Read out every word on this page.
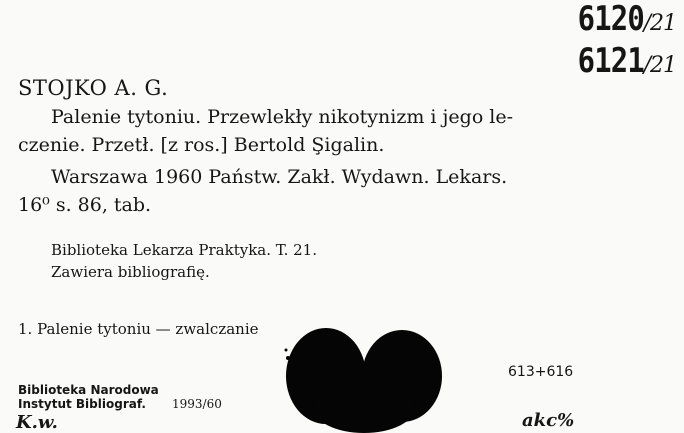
6120/21
6121/21
STOJKO A. G.
Palenie tytoniu. Przewlekły nikotynizm i jego le-
czenie. Przetł. [z ros.] Bertold Şigalin.
Warszawa 1960 Państw. Zakł. Wydawn. Lekars.
16⁰ s. 86, tab.
Biblioteka Lekarza Praktyka. T. 21.
Zawiera bibliografię.
1. Palenie tytoniu — zwalczanie
613+616
Biblioteka Narodowa
Instytut Bibliograf. 1993/60
K.w.	akc%
